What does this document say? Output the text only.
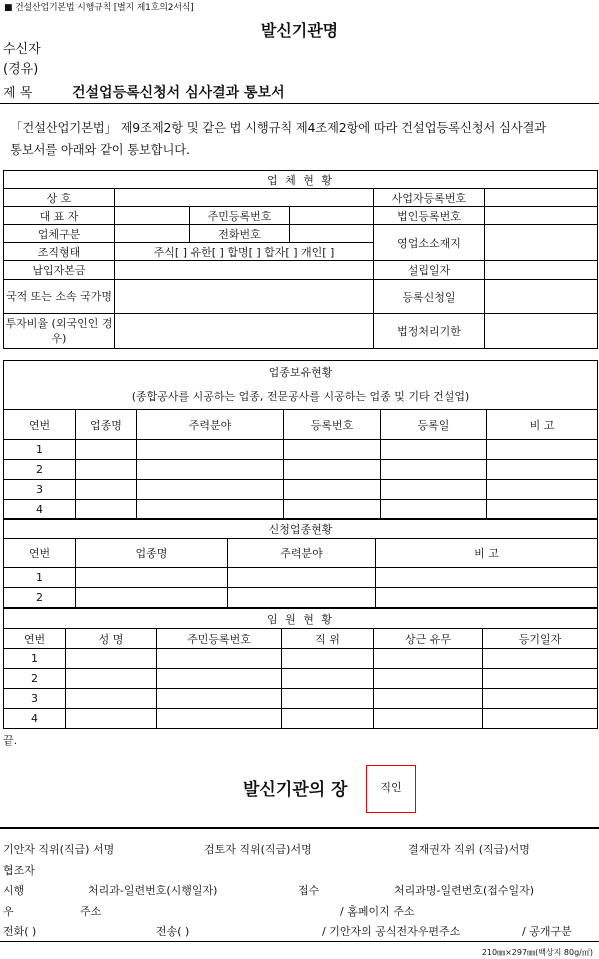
■ 건설산업기본법 시행규칙 [별지 제1호의2서식]
발신기관명
수신자
(경유)
제 목	건설업등록신청서 심사결과 통보서
「건설산업기본법」 제9조제2항 및 같은 법 시행규칙 제4조제2항에 따라 건설업등록신청서 심사결과 통보서를 아래와 같이 통보합니다.
업 체 현 황					
상 호				사업자등록번호	
대 표 자		주민등록번호		법인등록번호	
업체구분		전화번호		영업소소재지	
조직형태	주식[ ] 유한[ ] 합명[ ] 합자[ ] 개인[ ]				
납입자본금				설립일자	
국적 또는 소속 국가명				등록신청일	
투자비율 (외국인인 경우)				법정처리기한	
업종보유현황
(종합공사를 시공하는 업종, 전문공사를 시공하는 업종 및 기타 건설업)					

연번	업종명	주력분야	등록번호	등록일	비 고
1					
2					
3					
4					
신청업종현황			
연번	업종명	주력분야	비 고
1			
2			
임 원 현 황					
연번	성 명	주민등록번호	직 위	상근 유무	등기일자
1					
2					
3					
4					
끝.
발신기관의 장	직인
기안자 직위(직급) 서명	검토자 직위(직급)서명	결재권자 직위 (직급)서명
협조자
시행	처리과-일련번호(시행일자)	접수	처리과명-일련번호(접수일자)
우	주소	/ 홈페이지 주소
전화( )	전송( )	/ 기안자의 공식전자우편주소	/ 공개구분
210㎜×297㎜(백상지 80g/㎡)
